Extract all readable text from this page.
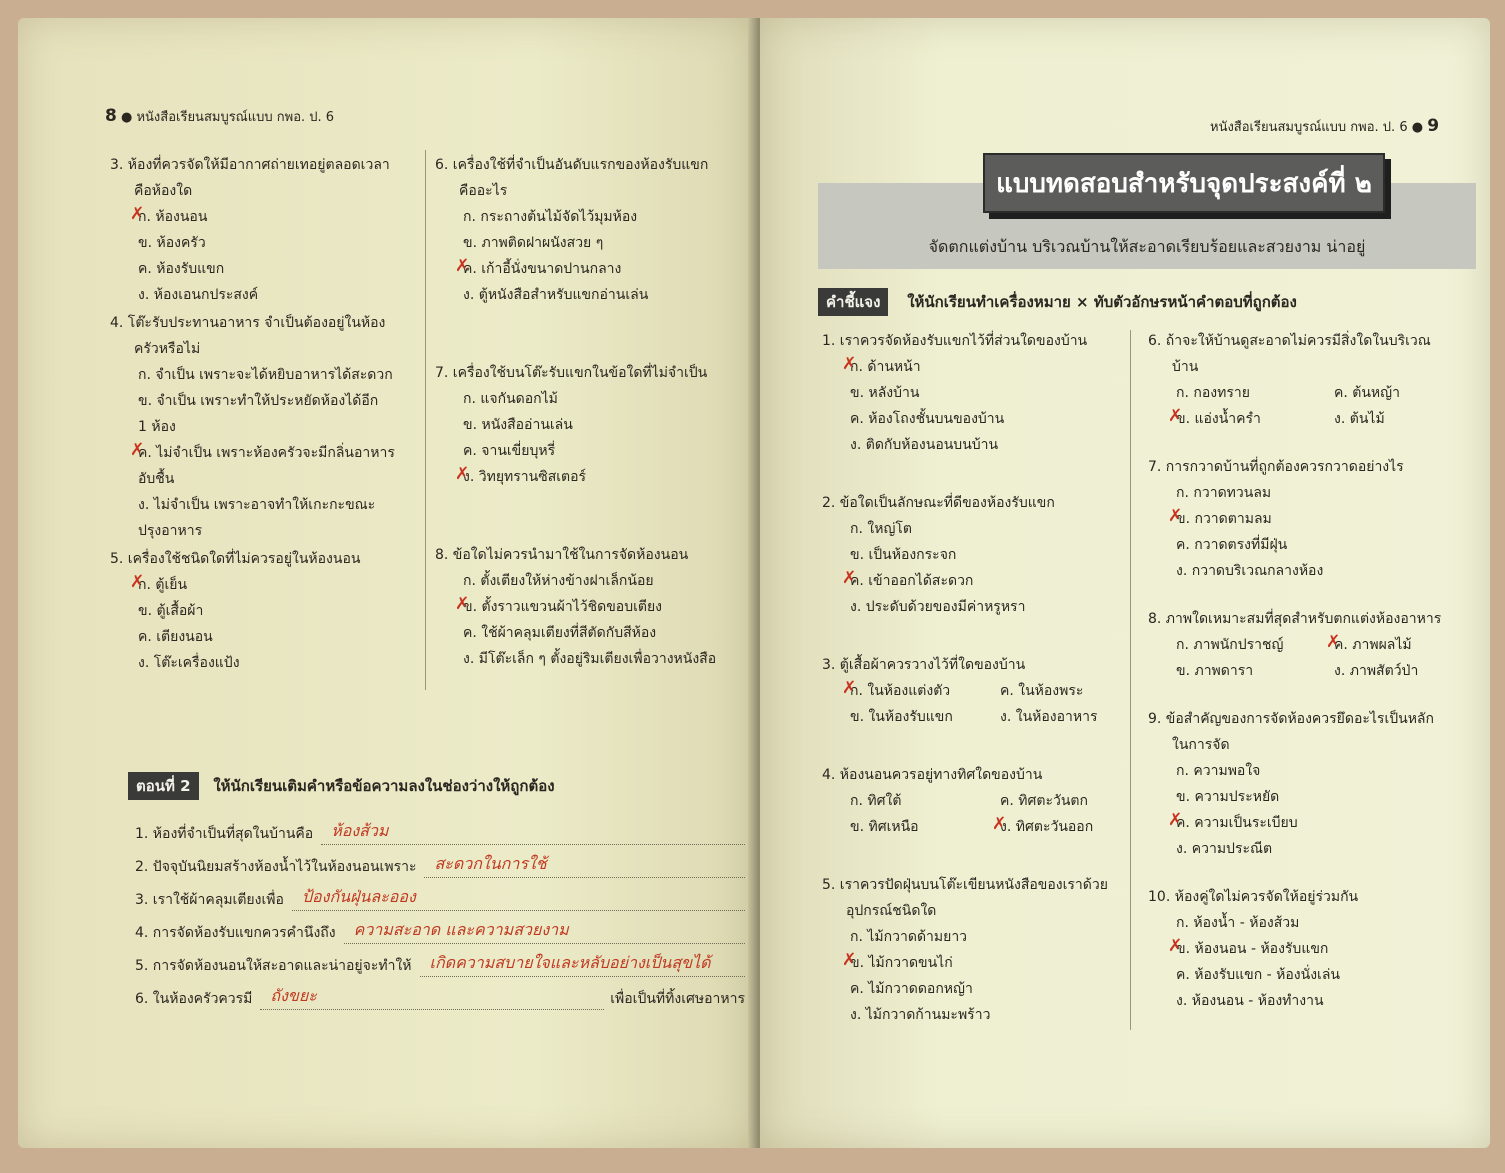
8 ● หนังสือเรียนสมบูรณ์แบบ กพอ. ป. 6
3. ห้องที่ควรจัดให้มีอากาศถ่ายเทอยู่ตลอดเวลา
คือห้องใด
✗ ก. ห้องนอน
ข. ห้องครัว
ค. ห้องรับแขก
ง. ห้องเอนกประสงค์
4. โต๊ะรับประทานอาหาร จำเป็นต้องอยู่ในห้อง
ครัวหรือไม่
ก. จำเป็น เพราะจะได้หยิบอาหารได้สะดวก
ข. จำเป็น เพราะทำให้ประหยัดห้องได้อีก
1 ห้อง
✗ ค. ไม่จำเป็น เพราะห้องครัวจะมีกลิ่นอาหาร
อับชื้น
ง. ไม่จำเป็น เพราะอาจทำให้เกะกะขณะ
ปรุงอาหาร
5. เครื่องใช้ชนิดใดที่ไม่ควรอยู่ในห้องนอน
✗ ก. ตู้เย็น
ข. ตู้เสื้อผ้า
ค. เตียงนอน
ง. โต๊ะเครื่องแป้ง
6. เครื่องใช้ที่จำเป็นอันดับแรกของห้องรับแขก
คืออะไร
ก. กระถางต้นไม้จัดไว้มุมห้อง
ข. ภาพติดฝาผนังสวย ๆ
✗ ค. เก้าอี้นั่งขนาดปานกลาง
ง. ตู้หนังสือสำหรับแขกอ่านเล่น
7. เครื่องใช้บนโต๊ะรับแขกในข้อใดที่ไม่จำเป็น
ก. แจกันดอกไม้
ข. หนังสืออ่านเล่น
ค. จานเขี่ยบุหรี่
✗ ง. วิทยุทรานซิสเตอร์
8. ข้อใดไม่ควรนำมาใช้ในการจัดห้องนอน
ก. ตั้งเตียงให้ห่างข้างฝาเล็กน้อย
✗ ข. ตั้งราวแขวนผ้าไว้ชิดขอบเตียง
ค. ใช้ผ้าคลุมเตียงที่สีตัดกับสีห้อง
ง. มีโต๊ะเล็ก ๆ ตั้งอยู่ริมเตียงเพื่อวางหนังสือ
ตอนที่ 2 ให้นักเรียนเติมคำหรือข้อความลงในช่องว่างให้ถูกต้อง
1. ห้องที่จำเป็นที่สุดในบ้านคือ	ห้องส้วม
2. ปัจจุบันนิยมสร้างห้องน้ำไว้ในห้องนอนเพราะ	สะดวกในการใช้
3. เราใช้ผ้าคลุมเตียงเพื่อ	ป้องกันฝุ่นละออง
4. การจัดห้องรับแขกควรคำนึงถึง	ความสะอาด และความสวยงาม
5. การจัดห้องนอนให้สะอาดและน่าอยู่จะทำให้	เกิดความสบายใจและหลับอย่างเป็นสุขได้
6. ในห้องครัวควรมี	ถังขยะ	เพื่อเป็นที่ทิ้งเศษอาหาร
หนังสือเรียนสมบูรณ์แบบ กพอ. ป. 6 ● 9
แบบทดสอบสำหรับจุดประสงค์ที่ ๒
จัดตกแต่งบ้าน บริเวณบ้านให้สะอาดเรียบร้อยและสวยงาม น่าอยู่
คำชี้แจง ให้นักเรียนทำเครื่องหมาย × ทับตัวอักษรหน้าคำตอบที่ถูกต้อง
1. เราควรจัดห้องรับแขกไว้ที่ส่วนใดของบ้าน
✗ ก. ด้านหน้า
ข. หลังบ้าน
ค. ห้องโถงชั้นบนของบ้าน
ง. ติดกับห้องนอนบนบ้าน
2. ข้อใดเป็นลักษณะที่ดีของห้องรับแขก
ก. ใหญ่โต
ข. เป็นห้องกระจก
✗ ค. เข้าออกได้สะดวก
ง. ประดับด้วยของมีค่าหรูหรา
3. ตู้เสื้อผ้าควรวางไว้ที่ใดของบ้าน
✗ ก. ในห้องแต่งตัว	ค. ในห้องพระ
ข. ในห้องรับแขก	ง. ในห้องอาหาร
4. ห้องนอนควรอยู่ทางทิศใดของบ้าน
ก. ทิศใต้	ค. ทิศตะวันตก
ข. ทิศเหนือ	✗ ง. ทิศตะวันออก
5. เราควรปัดฝุ่นบนโต๊ะเขียนหนังสือของเราด้วย
อุปกรณ์ชนิดใด
ก. ไม้กวาดด้ามยาว
✗ ข. ไม้กวาดขนไก่
ค. ไม้กวาดดอกหญ้า
ง. ไม้กวาดก้านมะพร้าว
6. ถ้าจะให้บ้านดูสะอาดไม่ควรมีสิ่งใดในบริเวณ
บ้าน
ก. กองทราย	ค. ต้นหญ้า
✗ ข. แอ่งน้ำครำ	ง. ต้นไม้
7. การกวาดบ้านที่ถูกต้องควรกวาดอย่างไร
ก. กวาดทวนลม
✗ ข. กวาดตามลม
ค. กวาดตรงที่มีฝุ่น
ง. กวาดบริเวณกลางห้อง
8. ภาพใดเหมาะสมที่สุดสำหรับตกแต่งห้องอาหาร
ก. ภาพนักปราชญ์	✗ ค. ภาพผลไม้
ข. ภาพดารา	ง. ภาพสัตว์ป่า
9. ข้อสำคัญของการจัดห้องควรยึดอะไรเป็นหลัก
ในการจัด
ก. ความพอใจ
ข. ความประหยัด
✗ ค. ความเป็นระเบียบ
ง. ความประณีต
10. ห้องคู่ใดไม่ควรจัดให้อยู่ร่วมกัน
ก. ห้องน้ำ - ห้องส้วม
✗ ข. ห้องนอน - ห้องรับแขก
ค. ห้องรับแขก - ห้องนั่งเล่น
ง. ห้องนอน - ห้องทำงาน
